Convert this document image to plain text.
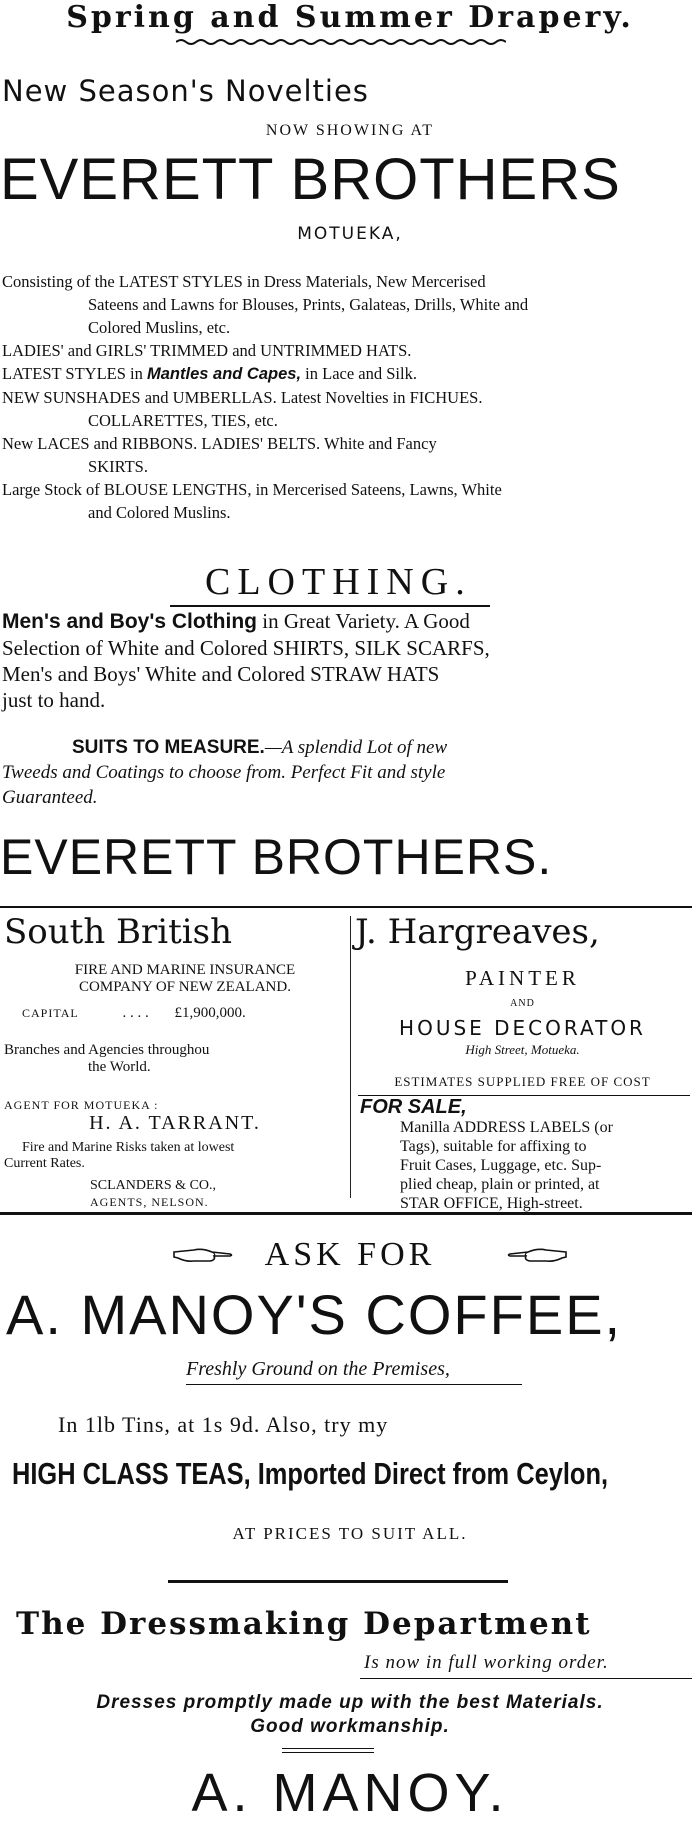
Spring and Summer Drapery.
New Season's Novelties
NOW SHOWING AT
EVERETT BROTHERS
MOTUEKA,

Consisting of the LATEST STYLES in Dress Materials, New Mercerised

Sateens and Lawns for Blouses, Prints, Galateas, Drills, White and

Colored Muslins, etc.

LADIES' and GIRLS' TRIMMED and UNTRIMMED HATS.

LATEST STYLES in Mantles and Capes, in Lace and Silk.

NEW SUNSHADES and UMBERLLAS. Latest Novelties in FICHUES.

COLLARETTES, TIES, etc.

New LACES and RIBBONS. LADIES' BELTS. White and Fancy

SKIRTS.

Large Stock of BLOUSE LENGTHS, in Mercerised Sateens, Lawns, White

and Colored Muslins.

CLOTHING.
Men's and Boy's Clothing in Great Variety. A Good
Selection of White and Colored SHIRTS, SILK SCARFS,
Men's and Boys' White and Colored STRAW HATS
just to hand.
SUITS TO MEASURE.—A splendid Lot of new
Tweeds and Coatings to choose from. Perfect Fit and style
Guaranteed.
EVERETT BROTHERS.
South British
FIRE AND MARINE INSURANCE
COMPANY OF NEW ZEALAND.
CAPITAL	. . . . £1,900,000.
Branches and Agencies throughou
the World.
AGENT FOR MOTUEKA :
H. A. TARRANT.
Fire and Marine Risks taken at lowest
Current Rates.
SCLANDERS & CO.,
AGENTS, NELSON.
J. Hargreaves,
PAINTER
AND
HOUSE DECORATOR
High Street, Motueka.
ESTIMATES SUPPLIED FREE OF COST
FOR SALE,
Manilla ADDRESS LABELS (or
Tags), suitable for affixing to
Fruit Cases, Luggage, etc. Sup-
plied cheap, plain or printed, at
STAR OFFICE, High-street.
ASK FOR
A. MANOY'S COFFEE,
Freshly Ground on the Premises,
In 1lb Tins, at 1s 9d. Also, try my
HIGH CLASS TEAS, Imported Direct from Ceylon,
AT PRICES TO SUIT ALL.
The Dressmaking Department
Is now in full working order.
Dresses promptly made up with the best Materials.
Good workmanship.
A. MANOY.
